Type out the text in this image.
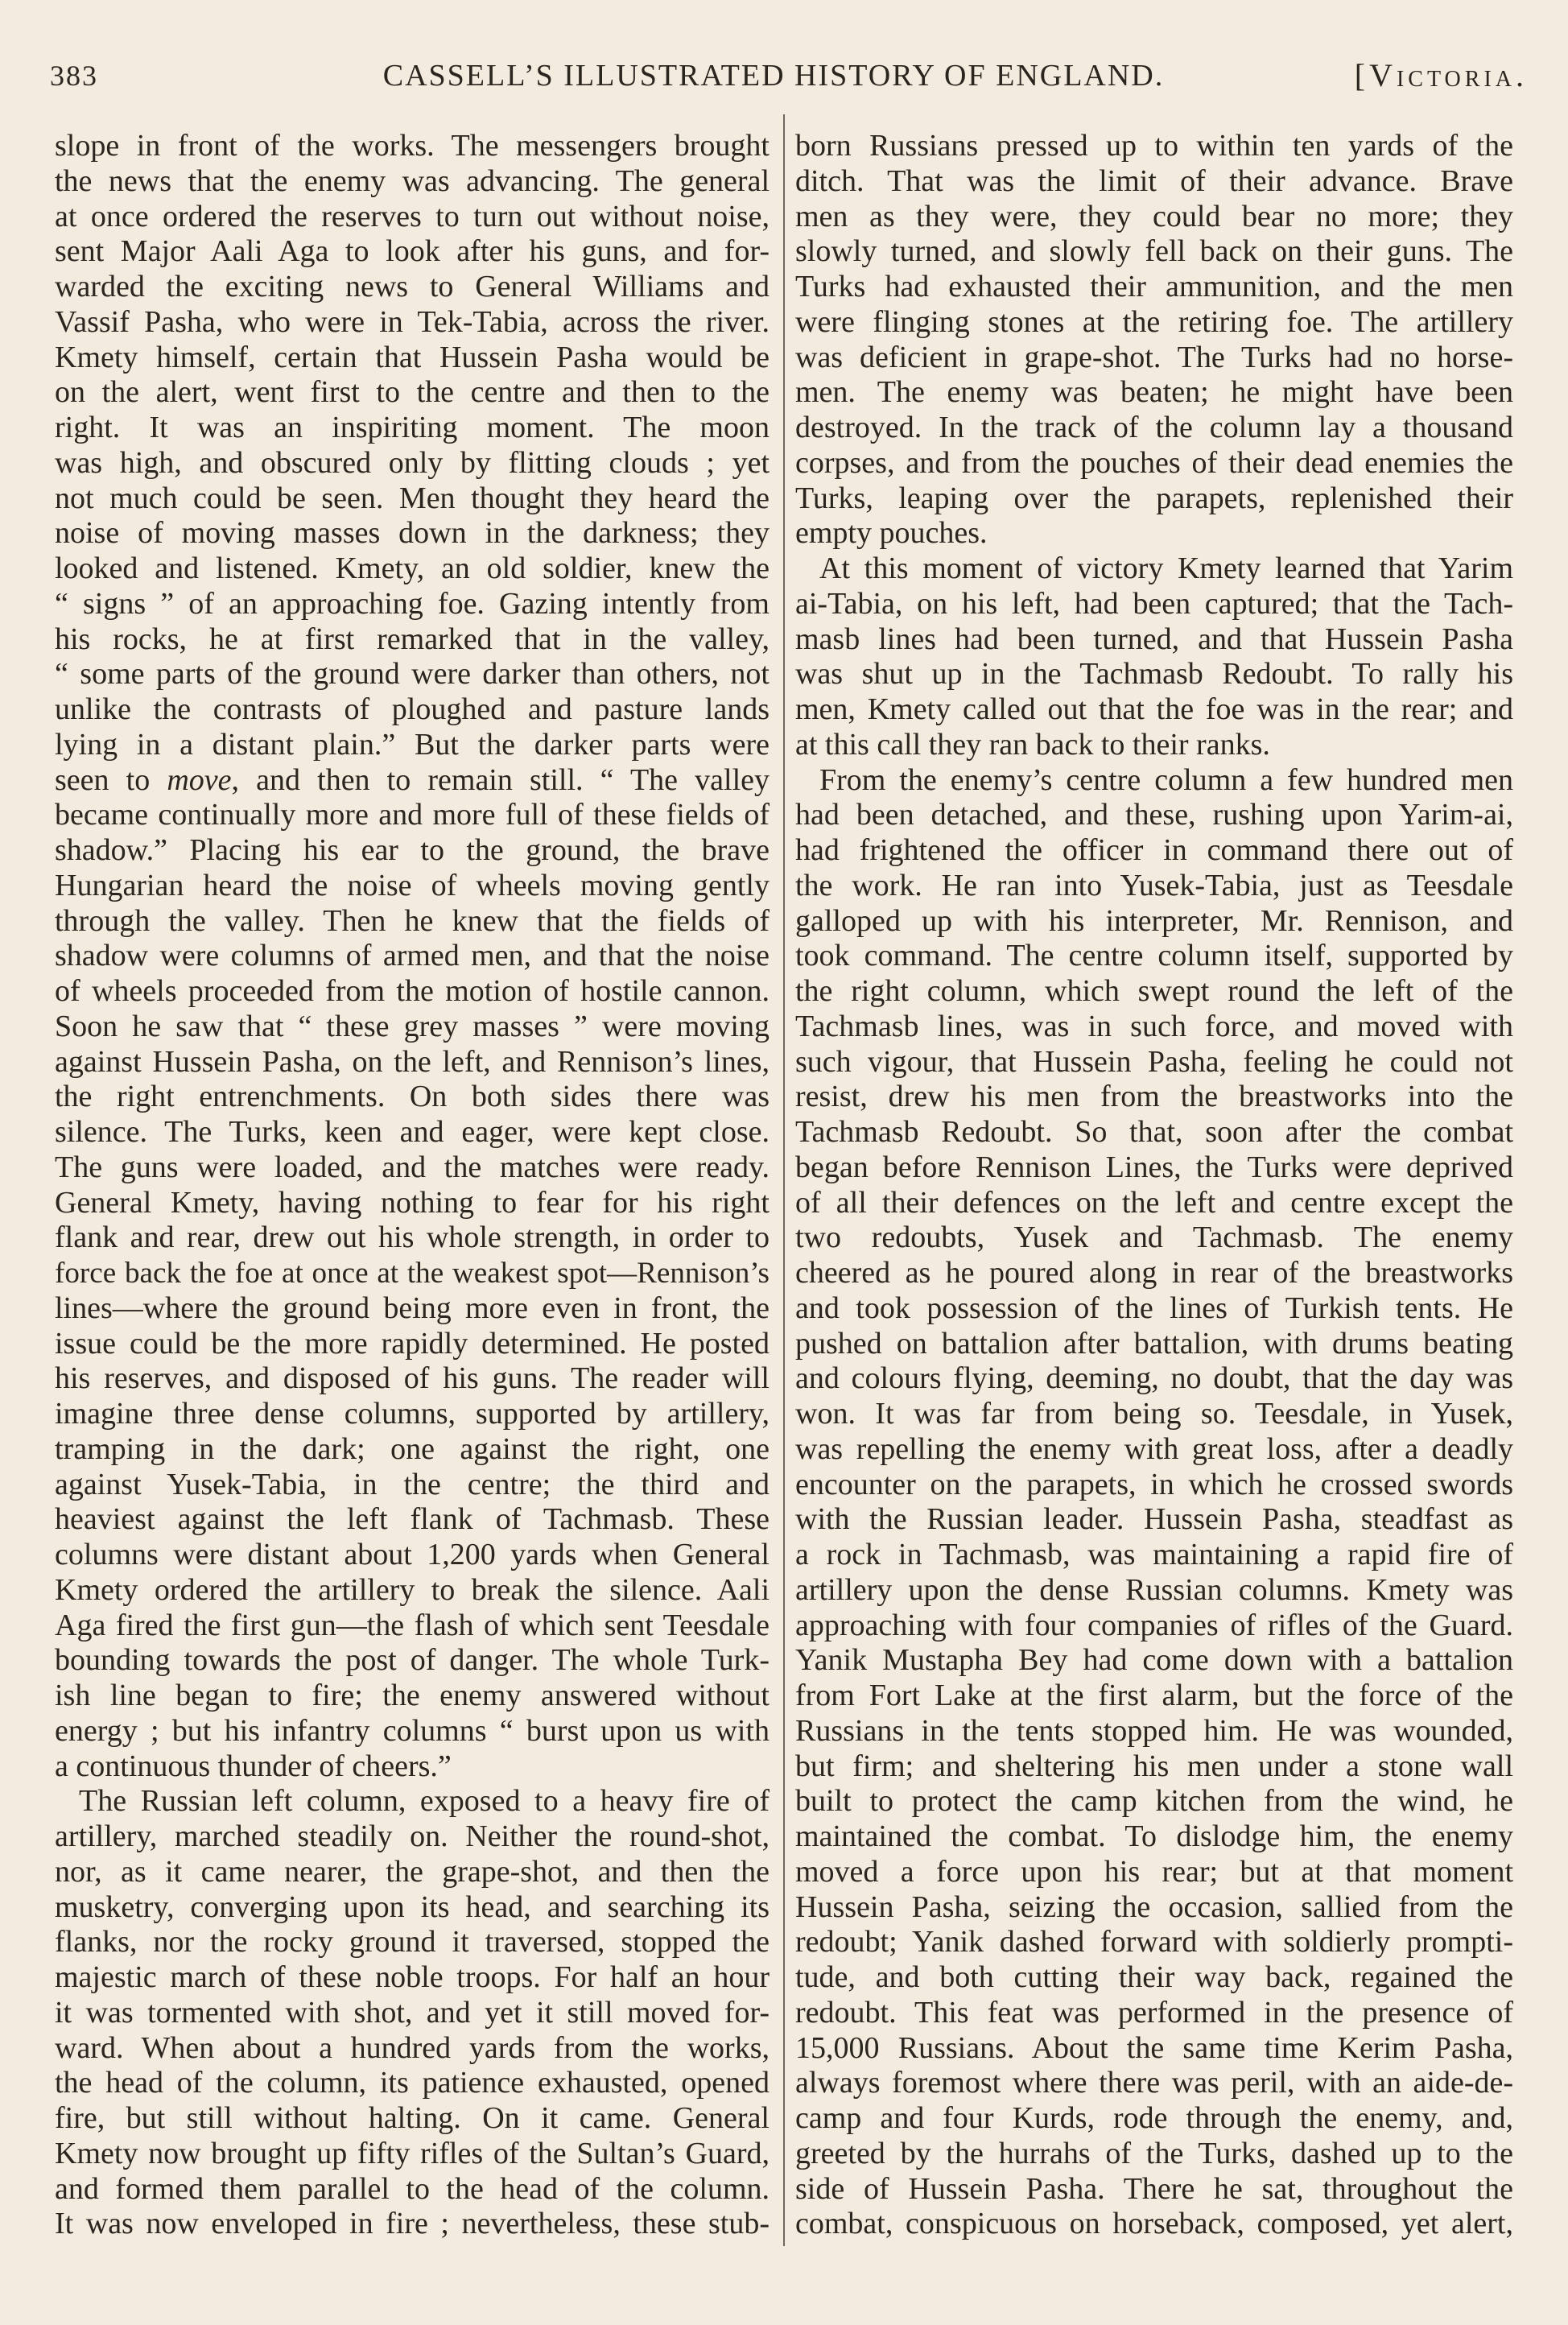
383	CASSELL’S ILLUSTRATED HISTORY OF ENGLAND.	[Victoria.
slope in front of the works. The messengers brought
the news that the enemy was advancing. The general
at once ordered the reserves to turn out without noise,
sent Major Aali Aga to look after his guns, and for-
warded the exciting news to General Williams and
Vassif Pasha, who were in Tek-Tabia, across the river.
Kmety himself, certain that Hussein Pasha would be
on the alert, went first to the centre and then to the
right. It was an inspiriting moment. The moon
was high, and obscured only by flitting clouds ; yet
not much could be seen. Men thought they heard the
noise of moving masses down in the darkness; they
looked and listened. Kmety, an old soldier, knew the
“ signs ” of an approaching foe. Gazing intently from
his rocks, he at first remarked that in the valley,
“ some parts of the ground were darker than others, not
unlike the contrasts of ploughed and pasture lands
lying in a distant plain.” But the darker parts were
seen to move, and then to remain still. “ The valley
became continually more and more full of these fields of
shadow.” Placing his ear to the ground, the brave
Hungarian heard the noise of wheels moving gently
through the valley. Then he knew that the fields of
shadow were columns of armed men, and that the noise
of wheels proceeded from the motion of hostile cannon.
Soon he saw that “ these grey masses ” were moving
against Hussein Pasha, on the left, and Rennison’s lines,
the right entrenchments. On both sides there was
silence. The Turks, keen and eager, were kept close.
The guns were loaded, and the matches were ready.
General Kmety, having nothing to fear for his right
flank and rear, drew out his whole strength, in order to
force back the foe at once at the weakest spot—Rennison’s
lines—where the ground being more even in front, the
issue could be the more rapidly determined. He posted
his reserves, and disposed of his guns. The reader will
imagine three dense columns, supported by artillery,
tramping in the dark; one against the right, one
against Yusek-Tabia, in the centre; the third and
heaviest against the left flank of Tachmasb. These
columns were distant about 1,200 yards when General
Kmety ordered the artillery to break the silence. Aali
Aga fired the first gun—the flash of which sent Teesdale
bounding towards the post of danger. The whole Turk-
ish line began to fire; the enemy answered without
energy ; but his infantry columns “ burst upon us with
a continuous thunder of cheers.”
The Russian left column, exposed to a heavy fire of
artillery, marched steadily on. Neither the round-shot,
nor, as it came nearer, the grape-shot, and then the
musketry, converging upon its head, and searching its
flanks, nor the rocky ground it traversed, stopped the
majestic march of these noble troops. For half an hour
it was tormented with shot, and yet it still moved for-
ward. When about a hundred yards from the works,
the head of the column, its patience exhausted, opened
fire, but still without halting. On it came. General
Kmety now brought up fifty rifles of the Sultan’s Guard,
and formed them parallel to the head of the column.
It was now enveloped in fire ; nevertheless, these stub-
born Russians pressed up to within ten yards of the
ditch. That was the limit of their advance. Brave
men as they were, they could bear no more; they
slowly turned, and slowly fell back on their guns. The
Turks had exhausted their ammunition, and the men
were flinging stones at the retiring foe. The artillery
was deficient in grape-shot. The Turks had no horse-
men. The enemy was beaten; he might have been
destroyed. In the track of the column lay a thousand
corpses, and from the pouches of their dead enemies the
Turks, leaping over the parapets, replenished their
empty pouches.
At this moment of victory Kmety learned that Yarim
ai-Tabia, on his left, had been captured; that the Tach-
masb lines had been turned, and that Hussein Pasha
was shut up in the Tachmasb Redoubt. To rally his
men, Kmety called out that the foe was in the rear; and
at this call they ran back to their ranks.
From the enemy’s centre column a few hundred men
had been detached, and these, rushing upon Yarim-ai,
had frightened the officer in command there out of
the work. He ran into Yusek-Tabia, just as Teesdale
galloped up with his interpreter, Mr. Rennison, and
took command. The centre column itself, supported by
the right column, which swept round the left of the
Tachmasb lines, was in such force, and moved with
such vigour, that Hussein Pasha, feeling he could not
resist, drew his men from the breastworks into the
Tachmasb Redoubt. So that, soon after the combat
began before Rennison Lines, the Turks were deprived
of all their defences on the left and centre except the
two redoubts, Yusek and Tachmasb. The enemy
cheered as he poured along in rear of the breastworks
and took possession of the lines of Turkish tents. He
pushed on battalion after battalion, with drums beating
and colours flying, deeming, no doubt, that the day was
won. It was far from being so. Teesdale, in Yusek,
was repelling the enemy with great loss, after a deadly
encounter on the parapets, in which he crossed swords
with the Russian leader. Hussein Pasha, steadfast as
a rock in Tachmasb, was maintaining a rapid fire of
artillery upon the dense Russian columns. Kmety was
approaching with four companies of rifles of the Guard.
Yanik Mustapha Bey had come down with a battalion
from Fort Lake at the first alarm, but the force of the
Russians in the tents stopped him. He was wounded,
but firm; and sheltering his men under a stone wall
built to protect the camp kitchen from the wind, he
maintained the combat. To dislodge him, the enemy
moved a force upon his rear; but at that moment
Hussein Pasha, seizing the occasion, sallied from the
redoubt; Yanik dashed forward with soldierly prompti-
tude, and both cutting their way back, regained the
redoubt. This feat was performed in the presence of
15,000 Russians. About the same time Kerim Pasha,
always foremost where there was peril, with an aide-de-
camp and four Kurds, rode through the enemy, and,
greeted by the hurrahs of the Turks, dashed up to the
side of Hussein Pasha. There he sat, throughout the
combat, conspicuous on horseback, composed, yet alert,
